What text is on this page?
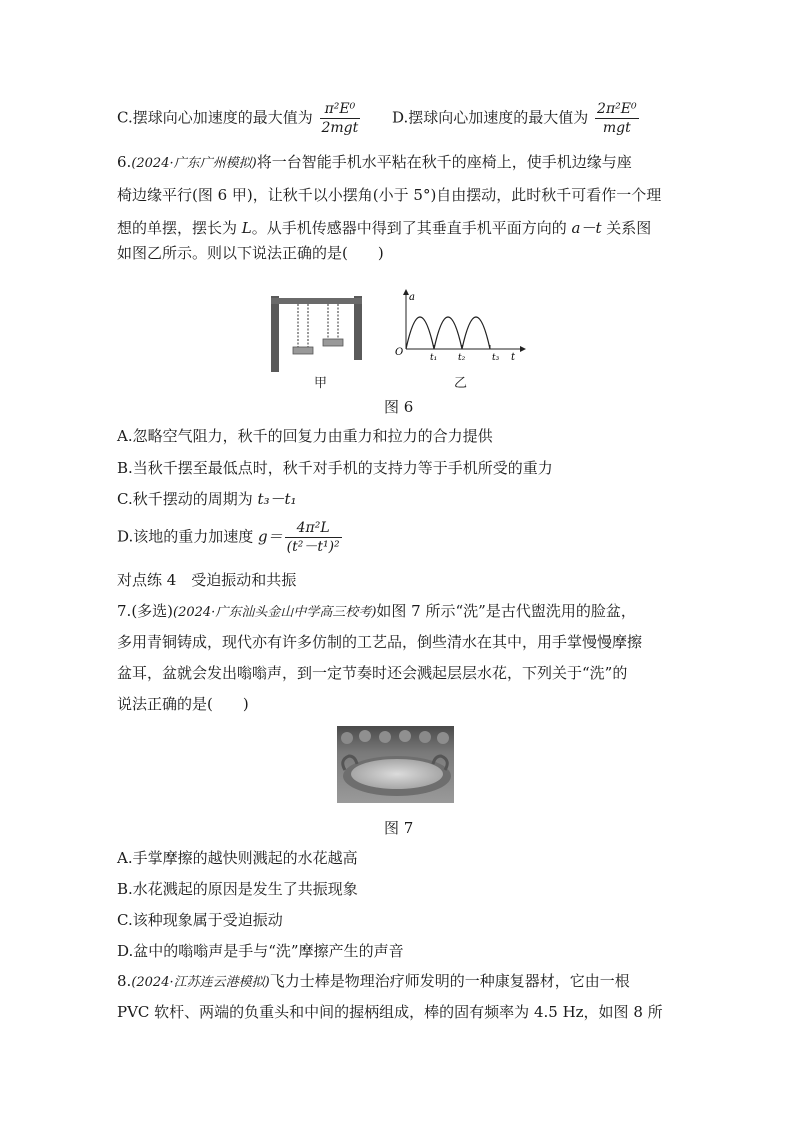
C.摆球向心加速度的最大值为 $\frac{\text{π²E⁰}}{\text{2mgt}} D$.摆球向心加速度的最大值为 $\frac{\text{2π²E⁰}}{\text{mgt}}$
6.(2024·广东广州模拟)将一台智能手机水平粘在秋千的座椅上，使手机边缘与座
椅边缘平行(图 6 甲)，让秋千以小摆角(小于 5°)自由摆动，此时秋千可看作一个理
想的单摆，摆长为 L。从手机传感器中得到了其垂直手机平面方向的 a－t 关系图
如图乙所示。则以下说法正确的是(　　)
甲
a
t
O	t₁ t₂	t₃
乙
图 6
A.忽略空气阻力，秋千的回复力由重力和拉力的合力提供
B.当秋千摆至最低点时，秋千对手机的支持力等于手机所受的重力
C.秋千摆动的周期为 t₃－t₁
D.该地的重力加速度 $g= \frac{\text{4π²L}}{\text{(t²－t¹)²}}$
对点练 4　受迫振动和共振
7.(多选)(2024·广东汕头金山中学高三校考)如图 7 所示“洗”是古代盥洗用的脸盆，
多用青铜铸成，现代亦有许多仿制的工艺品，倒些清水在其中，用手掌慢慢摩擦
盆耳，盆就会发出嗡嗡声，到一定节奏时还会溅起层层水花，下列关于“洗”的
说法正确的是(　　)
图 7
A.手掌摩擦的越快则溅起的水花越高
B.水花溅起的原因是发生了共振现象
C.该种现象属于受迫振动
D.盆中的嗡嗡声是手与“洗”摩擦产生的声音
8.(2024·江苏连云港模拟)飞力士棒是物理治疗师发明的一种康复器材，它由一根
PVC 软杆、两端的负重头和中间的握柄组成，棒的固有频率为 4.5 Hz，如图 8 所
